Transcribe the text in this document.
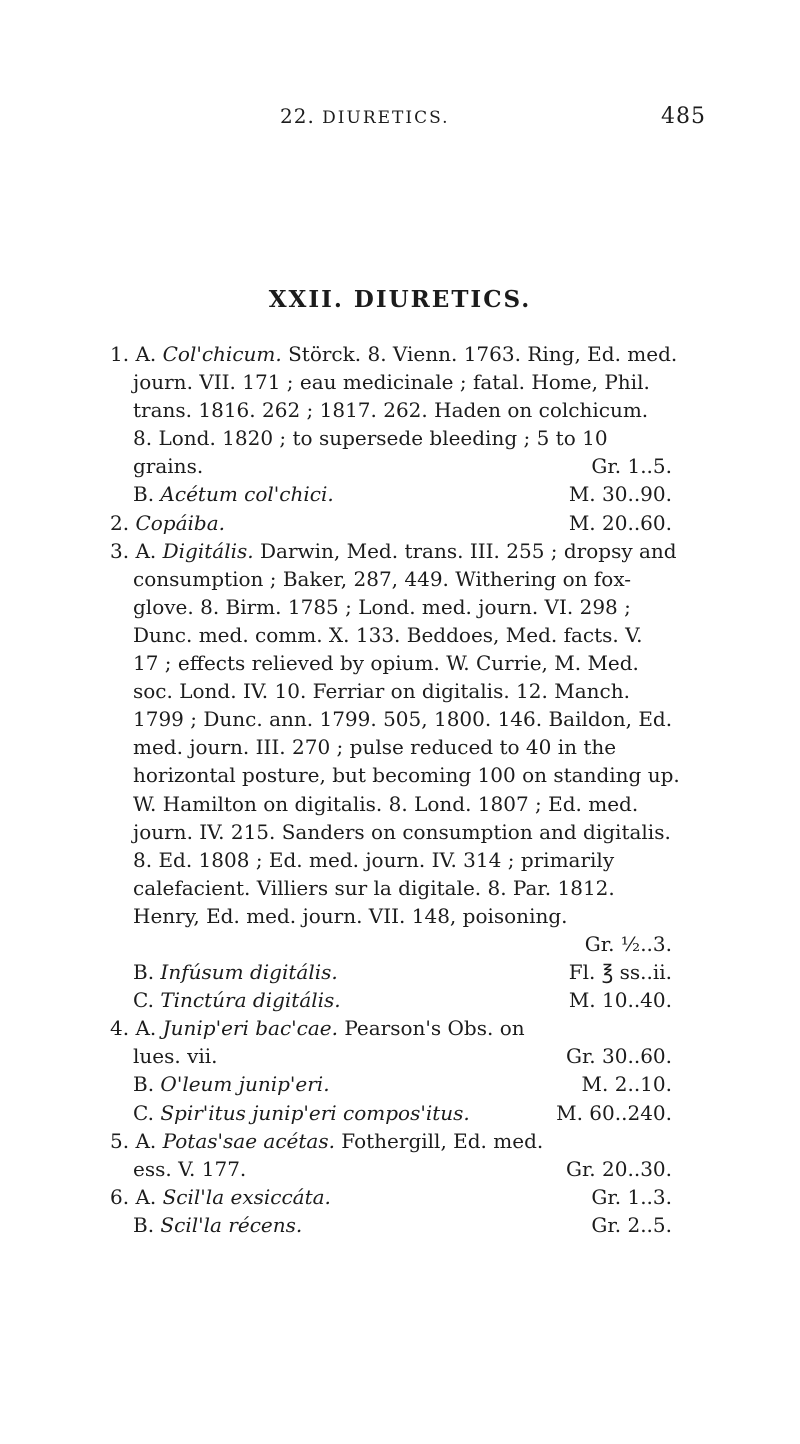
22. DIURETICS.	485
XXII. DIURETICS.
1. A. Col'chicum. Störck. 8. Vienn. 1763. Ring, Ed. med.
journ. VII. 171 ; eau medicinale ; fatal. Home, Phil.
trans. 1816. 262 ; 1817. 262. Haden on colchicum.
8. Lond. 1820 ; to supersede bleeding ; 5 to 10
grains.	Gr. 1..5.
B. Acétum col'chici.	M. 30..90.
2. Copáiba.	M. 20..60.
3. A. Digitális. Darwin, Med. trans. III. 255 ; dropsy and
consumption ; Baker, 287, 449. Withering on fox-
glove. 8. Birm. 1785 ; Lond. med. journ. VI. 298 ;
Dunc. med. comm. X. 133. Beddoes, Med. facts. V.
17 ; effects relieved by opium. W. Currie, M. Med.
soc. Lond. IV. 10. Ferriar on digitalis. 12. Manch.
1799 ; Dunc. ann. 1799. 505, 1800. 146. Baildon, Ed.
med. journ. III. 270 ; pulse reduced to 40 in the
horizontal posture, but becoming 100 on standing up.
W. Hamilton on digitalis. 8. Lond. 1807 ; Ed. med.
journ. IV. 215. Sanders on consumption and digitalis.
8. Ed. 1808 ; Ed. med. journ. IV. 314 ; primarily
calefacient. Villiers sur la digitale. 8. Par. 1812.
Henry, Ed. med. journ. VII. 148, poisoning.
Gr. ½..3.
B. Infúsum digitális.	Fl. ℥ ss..ii.
C. Tinctúra digitális.	M. 10..40.
4. A. Junip'eri bac'cae. Pearson's Obs. on
lues. vii.	Gr. 30..60.
B. O'leum junip'eri.	M. 2..10.
C. Spir'itus junip'eri compos'itus.	M. 60..240.
5. A. Potas'sae acétas. Fothergill, Ed. med.
ess. V. 177.	Gr. 20..30.
6. A. Scil'la exsiccáta.	Gr. 1..3.
B. Scil'la récens.	Gr. 2..5.
